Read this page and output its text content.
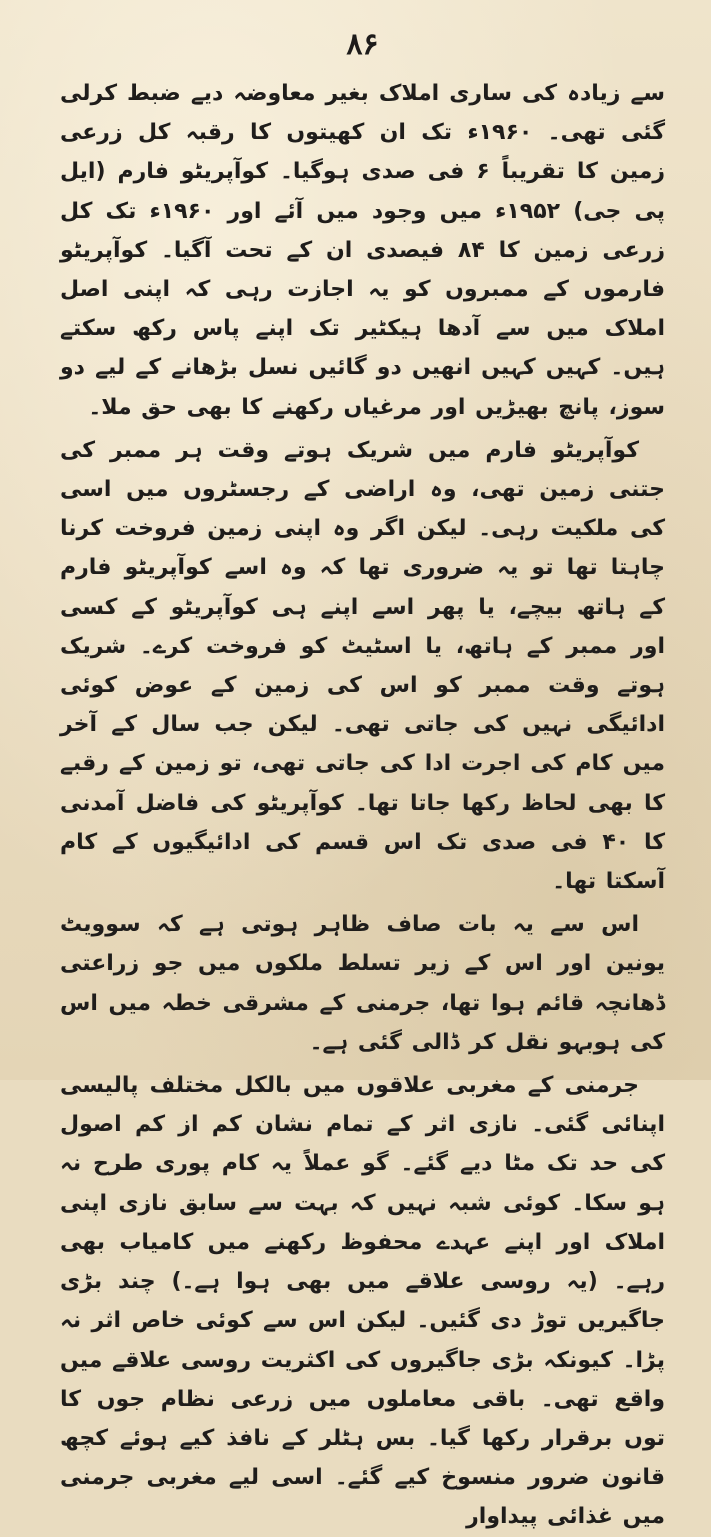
۸۶

سے زیادہ کی ساری املاک بغیر معاوضہ دیے ضبط کرلی گئی تھی۔ ۱۹۶۰ء تک ان کھیتوں کا رقبہ کل زرعی زمین کا تقریباً ۶ فی صدی ہوگیا۔ کوآپریٹو فارم (ایل پی جی) ۱۹۵۲ء میں وجود میں آئے اور ۱۹۶۰ء تک کل زرعی زمین کا ۸۴ فیصدی ان کے تحت آگیا۔ کوآپریٹو فارموں کے ممبروں کو یہ اجازت رہی کہ اپنی اصل املاک میں سے آدھا ہیکٹیر تک اپنے پاس رکھ سکتے ہیں۔ کہیں کہیں انھیں دو گائیں نسل بڑھانے کے لیے دو سوز، پانچ بھیڑیں اور مرغیاں رکھنے کا بھی حق ملا۔

کوآپریٹو فارم میں شریک ہوتے وقت ہر ممبر کی جتنی زمین تھی، وہ اراضی کے رجسٹروں میں اسی کی ملکیت رہی۔ لیکن اگر وہ اپنی زمین فروخت کرنا چاہتا تھا تو یہ ضروری تھا کہ وہ اسے کوآپریٹو فارم کے ہاتھ بیچے، یا پھر اسے اپنے ہی کوآپریٹو کے کسی اور ممبر کے ہاتھ، یا اسٹیٹ کو فروخت کرے۔ شریک ہوتے وقت ممبر کو اس کی زمین کے عوض کوئی ادائیگی نہیں کی جاتی تھی۔ لیکن جب سال کے آخر میں کام کی اجرت ادا کی جاتی تھی، تو زمین کے رقبے کا بھی لحاظ رکھا جاتا تھا۔ کوآپریٹو کی فاضل آمدنی کا ۴۰ فی صدی تک اس قسم کی ادائیگیوں کے کام آسکتا تھا۔

اس سے یہ بات صاف ظاہر ہوتی ہے کہ سوویٹ یونین اور اس کے زیر تسلط ملکوں میں جو زراعتی ڈھانچہ قائم ہوا تھا، جرمنی کے مشرقی خطہ میں اس کی ہوبہو نقل کر ڈالی گئی ہے۔

جرمنی کے مغربی علاقوں میں بالکل مختلف پالیسی اپنائی گئی۔ نازی اثر کے تمام نشان کم از کم اصول کی حد تک مٹا دیے گئے۔ گو عملاً یہ کام پوری طرح نہ ہو سکا۔ کوئی شبہ نہیں کہ بہت سے سابق نازی اپنی املاک اور اپنے عہدے محفوظ رکھنے میں کامیاب بھی رہے۔ (یہ روسی علاقے میں بھی ہوا ہے۔) چند بڑی جاگیریں توڑ دی گئیں۔ لیکن اس سے کوئی خاص اثر نہ پڑا۔ کیونکہ بڑی جاگیروں کی اکثریت روسی علاقے میں واقع تھی۔ باقی معاملوں میں زرعی نظام جوں کا توں برقرار رکھا گیا۔ بس ہٹلر کے نافذ کیے ہوئے کچھ قانون ضرور منسوخ کیے گئے۔ اسی لیے مغربی جرمنی میں غذائی پیداوار
